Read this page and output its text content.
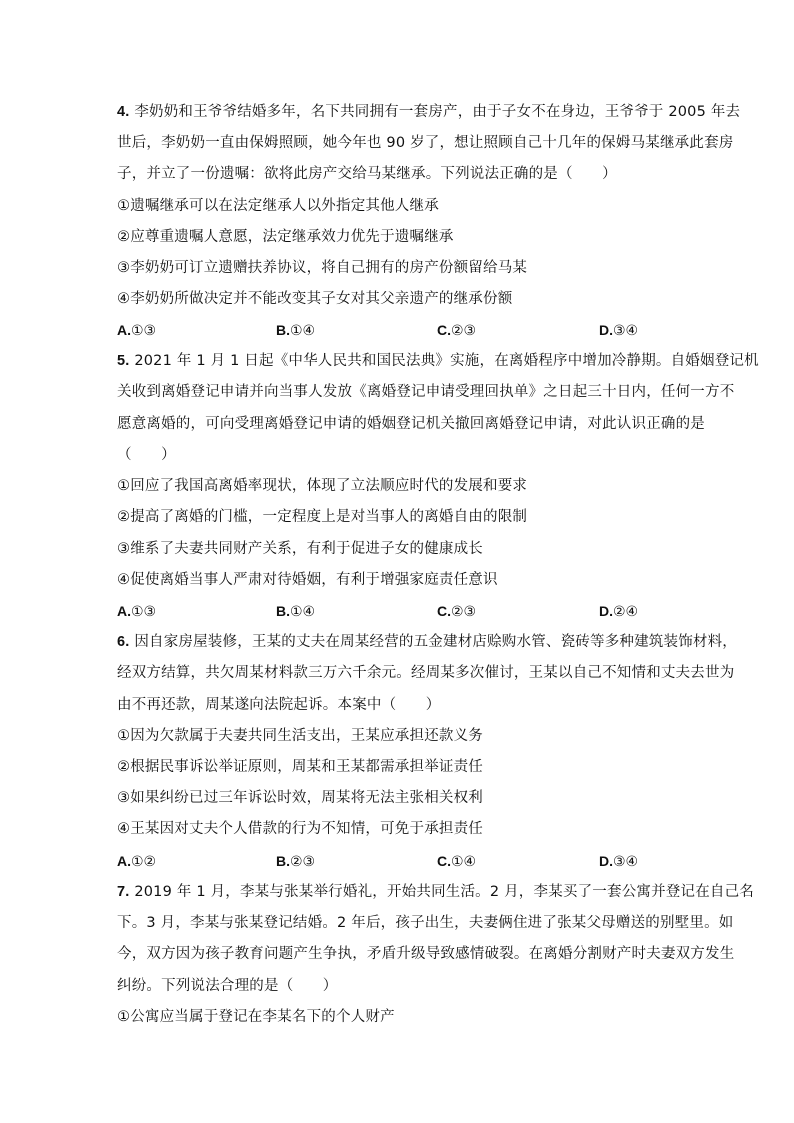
4. 李奶奶和王爷爷结婚多年，名下共同拥有一套房产，由于子女不在身边，王爷爷于 2005 年去
世后，李奶奶一直由保姆照顾，她今年也 90 岁了，想让照顾自己十几年的保姆马某继承此套房
子，并立了一份遗嘱：欲将此房产交给马某继承。下列说法正确的是（　　）
①遗嘱继承可以在法定继承人以外指定其他人继承
②应尊重遗嘱人意愿，法定继承效力优先于遗嘱继承
③李奶奶可订立遗赠扶养协议，将自己拥有的房产份额留给马某
④李奶奶所做决定并不能改变其子女对其父亲遗产的继承份额
A.①③	B.①④	C.②③	D.③④
5. 2021 年 1 月 1 日起《中华人民共和国民法典》实施，在离婚程序中增加冷静期。自婚姻登记机
关收到离婚登记申请并向当事人发放《离婚登记申请受理回执单》之日起三十日内，任何一方不
愿意离婚的，可向受理离婚登记申请的婚姻登记机关撤回离婚登记申请，对此认识正确的是
（　　）
①回应了我国高离婚率现状，体现了立法顺应时代的发展和要求
②提高了离婚的门槛，一定程度上是对当事人的离婚自由的限制
③维系了夫妻共同财产关系，有利于促进子女的健康成长
④促使离婚当事人严肃对待婚姻，有利于增强家庭责任意识
A.①③	B.①④	C.②③	D.②④
6. 因自家房屋装修，王某的丈夫在周某经营的五金建材店赊购水管、瓷砖等多种建筑装饰材料，
经双方结算，共欠周某材料款三万六千余元。经周某多次催讨，王某以自己不知情和丈夫去世为
由不再还款，周某遂向法院起诉。本案中（　　）
①因为欠款属于夫妻共同生活支出，王某应承担还款义务
②根据民事诉讼举证原则，周某和王某都需承担举证责任
③如果纠纷已过三年诉讼时效，周某将无法主张相关权利
④王某因对丈夫个人借款的行为不知情，可免于承担责任
A.①②	B.②③	C.①④	D.③④
7. 2019 年 1 月，李某与张某举行婚礼，开始共同生活。2 月，李某买了一套公寓并登记在自己名
下。3 月，李某与张某登记结婚。2 年后，孩子出生，夫妻俩住进了张某父母赠送的别墅里。如
今，双方因为孩子教育问题产生争执，矛盾升级导致感情破裂。在离婚分割财产时夫妻双方发生
纠纷。下列说法合理的是（　　）
①公寓应当属于登记在李某名下的个人财产
